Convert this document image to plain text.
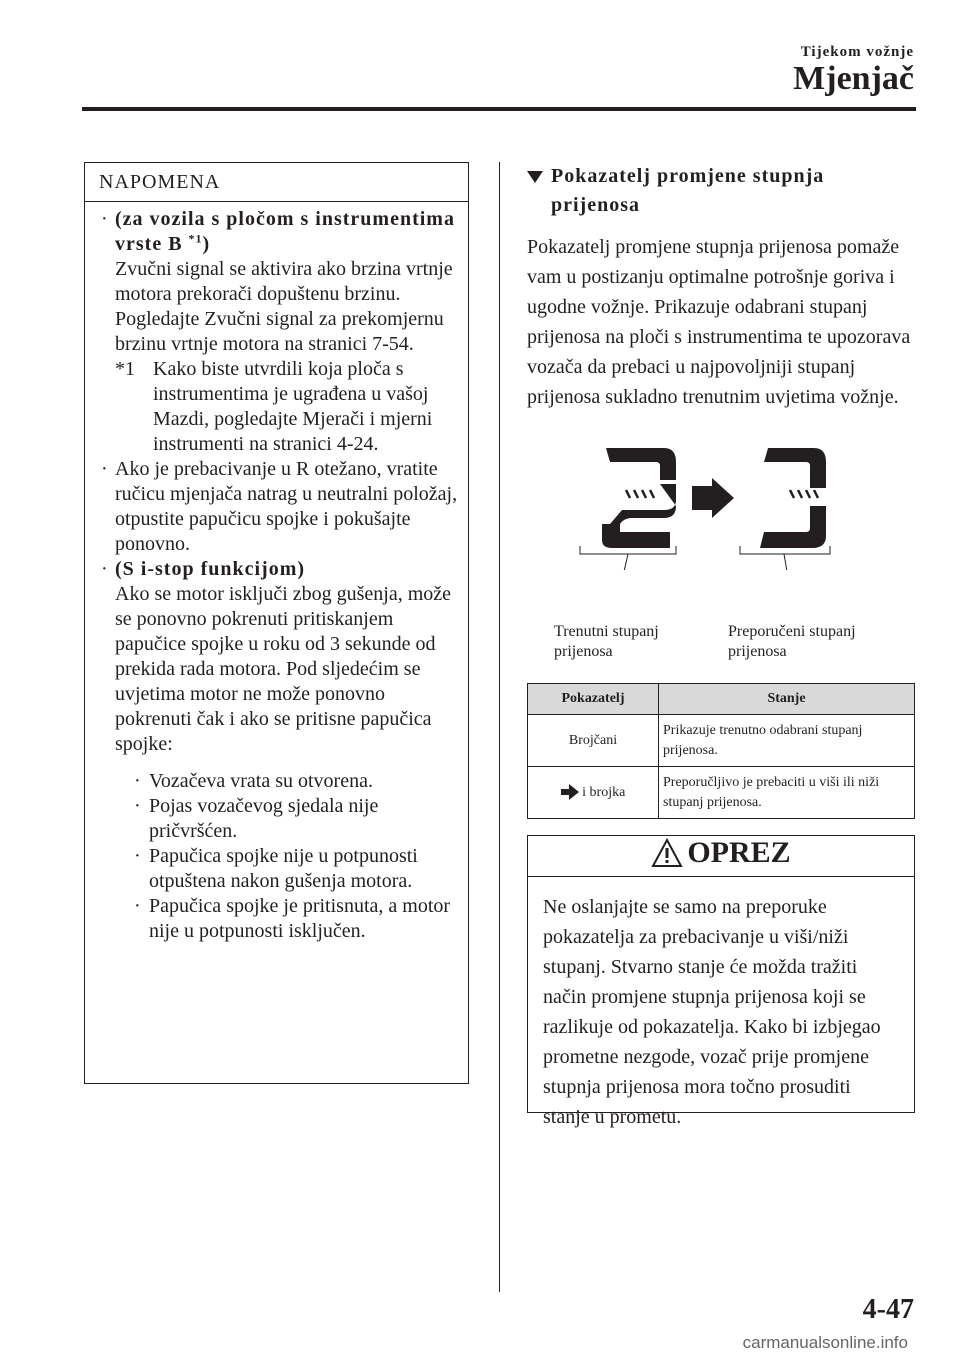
Tijekom vožnje
Mjenjač
NAPOMENA
· (za vozila s pločom s instrumentima vrste B $^{*1}$)
Zvučni signal se aktivira ako brzina vrtnje motora prekorači dopuštenu brzinu.
Pogledajte Zvučni signal za prekomjernu brzinu vrtnje motora na stranici 7-54.
*1 Kako biste utvrdili koja ploča s instrumentima je ugrađena u vašoj Mazdi, pogledajte Mjerači i mjerni instrumenti na stranici 4-24.
· Ako je prebacivanje u R otežano, vratite ručicu mjenjača natrag u neutralni položaj, otpustite papučicu spojke i pokušajte ponovno.
· (S i-stop funkcijom)
Ako se motor isključi zbog gušenja, može se ponovno pokrenuti pritiskanjem papučice spojke u roku od 3 sekunde od prekida rada motora. Pod sljedećim se uvjetima motor ne može ponovno pokrenuti čak i ako se pritisne papučica spojke:
· Vozačeva vrata su otvorena.
· Pojas vozačevog sjedala nije pričvršćen.
· Papučica spojke nije u potpunosti otpuštena nakon gušenja motora.
· Papučica spojke je pritisnuta, a motor nije u potpunosti isključen.
Pokazatelj promjene stupnja prijenosa
Pokazatelj promjene stupnja prijenosa pomaže vam u postizanju optimalne potrošnje goriva i ugodne vožnje. Prikazuje odabrani stupanj prijenosa na ploči s instrumentima te upozorava vozača da prebaci u najpovoljniji stupanj prijenosa sukladno trenutnim uvjetima vožnje.
Trenutni stupanj prijenosa
Preporučeni stupanj prijenosa
Pokazatelj	Stanje
Brojčani	Prikazuje trenutno odabrani stupanj prijenosa.
i brojka	Preporučljivo je prebaciti u viši ili niži stupanj prijenosa.
OPREZ
Ne oslanjajte se samo na preporuke pokazatelja za prebacivanje u viši/niži stupanj. Stvarno stanje će možda tražiti način promjene stupnja prijenosa koji se razlikuje od pokazatelja. Kako bi izbjegao prometne nezgode, vozač prije promjene stupnja prijenosa mora točno prosuditi stanje u prometu.
4-47
carmanualsonline.info
